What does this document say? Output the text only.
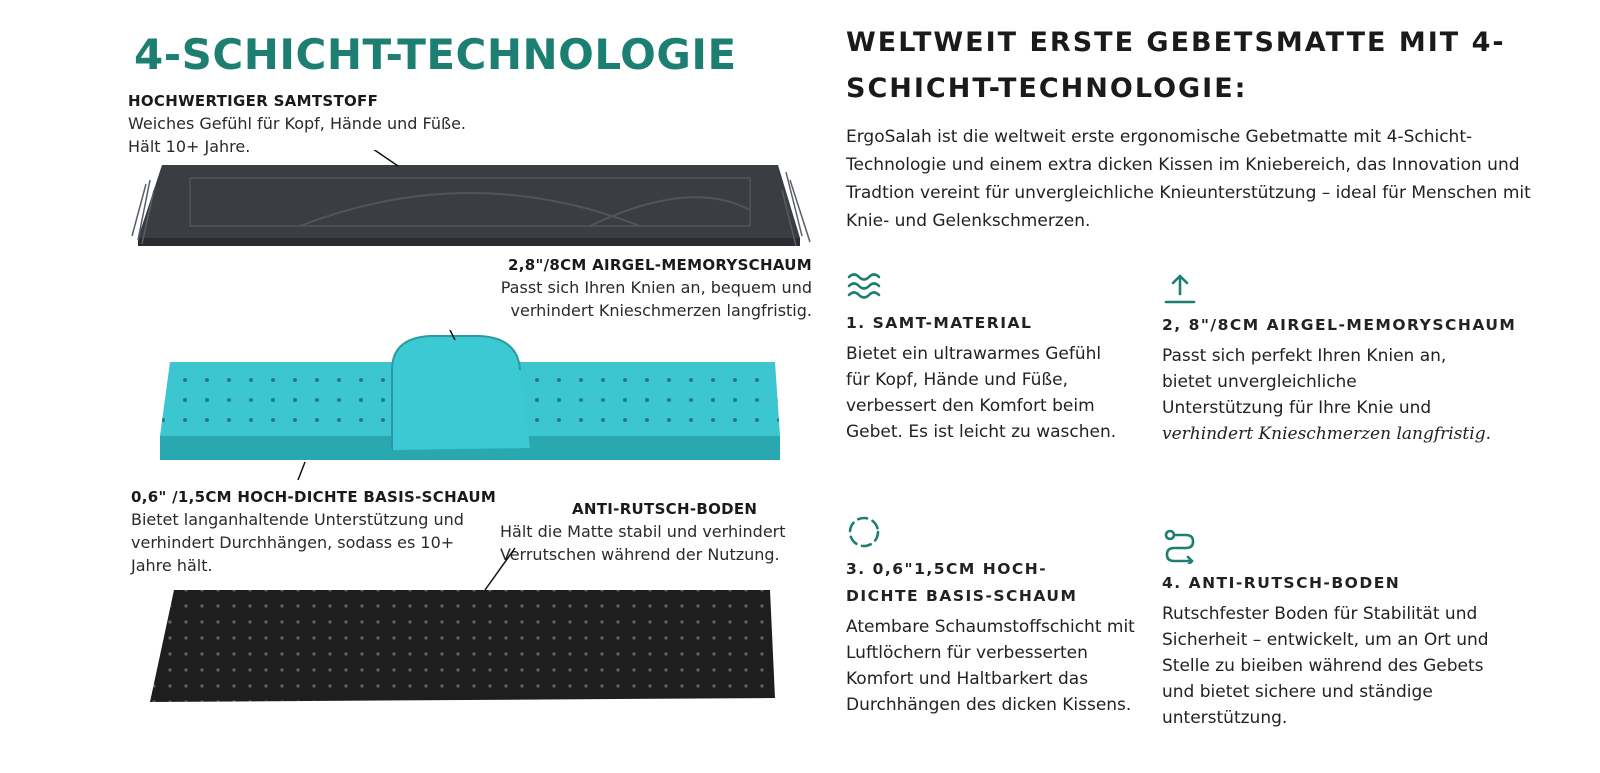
4-SCHICHT-TECHNOLOGIE
HOCHWERTIGER SAMTSTOFF
Weiches Gefühl für Kopf, Hände und Füße. Hält 10+ Jahre.
2,8"/8CM AIRGEL-MEMORYSCHAUM
Passt sich Ihren Knien an, bequem und verhindert Knieschmerzen langfristig.
0,6" /1,5CM HOCH-DICHTE BASIS-SCHAUM
Bietet langanhaltende Unterstützung und verhindert Durchhängen, sodass es 10+ Jahre hält.
ANTI-RUTSCH-BODEN
Hält die Matte stabil und verhindert Verrutschen während der Nutzung.
WELTWEIT ERSTE GEBETSMATTE MIT 4-SCHICHT-TECHNOLOGIE:

ErgoSalah ist die weltweit erste ergonomische Gebetmatte mit 4-Schicht-Technologie und einem extra dicken Kissen im Kniebereich, das Innovation und Tradtion vereint für unvergleichliche Knieunterstützung – ideal für Menschen mit Knie- und Gelenkschmerzen.

1. SAMT-MATERIAL
Bietet ein ultrawarmes Gefühl für Kopf, Hände und Füße, verbessert den Komfort beim Gebet. Es ist leicht zu waschen.
2, 8"/8CM AIRGEL-MEMORYSCHAUM
Passt sich perfekt Ihren Knien an, bietet unvergleichliche Unterstützung für Ihre Knie und
verhindert Knieschmerzen langfristig.
3. 0,6"1,5CM HOCH-DICHTE BASIS-SCHAUM
Atembare Schaumstoffschicht mit Luftlöchern für verbesserten Komfort und Haltbarkert das Durchhängen des dicken Kissens.
4. ANTI-RUTSCH-BODEN
Rutschfester Boden für Stabilität und Sicherheit – entwickelt, um an Ort und Stelle zu bieiben während des Gebets und bietet sichere und ständige unterstützung.
